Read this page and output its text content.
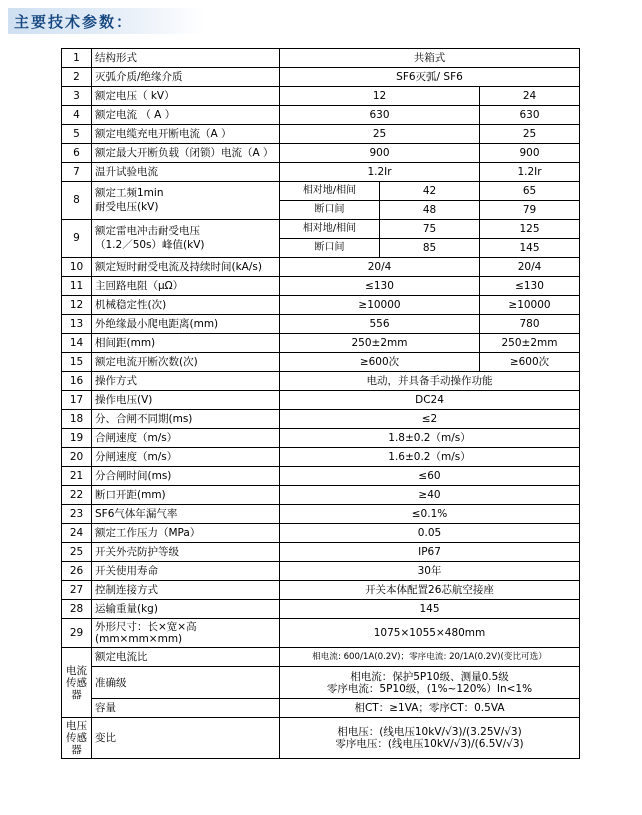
主要技术参数：
1	结构形式	共箱式		
2	灭弧介质/绝缘介质	SF6灭弧/ SF6		
3	额定电压（ kV）	12		24
4	额定电流 （ A ）	630		630
5	额定电缆充电开断电流（A ）	25		25
6	额定最大开断负载（闭锁）电流（A ）	900		900
7	温升试验电流	1.2Ir		1.2Ir
8	额定工频1min
耐受电压(kV)	相对地/相间	42	65
		断口间	48	79
9	额定雷电冲击耐受电压
（1.2／50s）峰值(kV)	相对地/相间	75	125
		断口间	85	145
10	额定短时耐受电流及持续时间(kA/s)	20/4		20/4
11	主回路电阻（μΩ）	≤130		≤130
12	机械稳定性(次)	≥10000		≥10000
13	外绝缘最小爬电距离(mm)	556		780
14	相间距(mm)	250±2mm		250±2mm
15	额定电流开断次数(次)	≥600次		≥600次
16	操作方式	电动，并具备手动操作功能		
17	操作电压(V)	DC24		
18	分、合闸不同期(ms)	≤2		
19	合闸速度（m/s）	1.8±0.2（m/s）		
20	分闸速度（m/s）	1.6±0.2（m/s）		
21	分合闸时间(ms)	≤60		
22	断口开距(mm)	≥40		
23	SF6气体年漏气率	≤0.1%		
24	额定工作压力（MPa）	0.05		
25	开关外壳防护等级	IP67		
26	开关使用寿命	30年		
27	控制连接方式	开关本体配置26芯航空接座		
28	运输重量(kg)	145		
29	外形尺寸：长×宽×高(mm×mm×mm)	1075×1055×480mm		
电流
传感器	额定电流比	相电流: 600/1A(0.2V)；零序电流: 20/1A(0.2V)(变比可选）		
	准确级	相电流：保护5P10级、测量0.5级
零序电流：5P10级，(1%~120%）In<1%		

	容量	相CT：≥1VA；零序CT：0.5VA		
电压
传感器	变比	
相电压：(线电压10kV/√3)/(3.25V/√3)
零序电压：(线电压10kV/√3)/(6.5V/√3)
